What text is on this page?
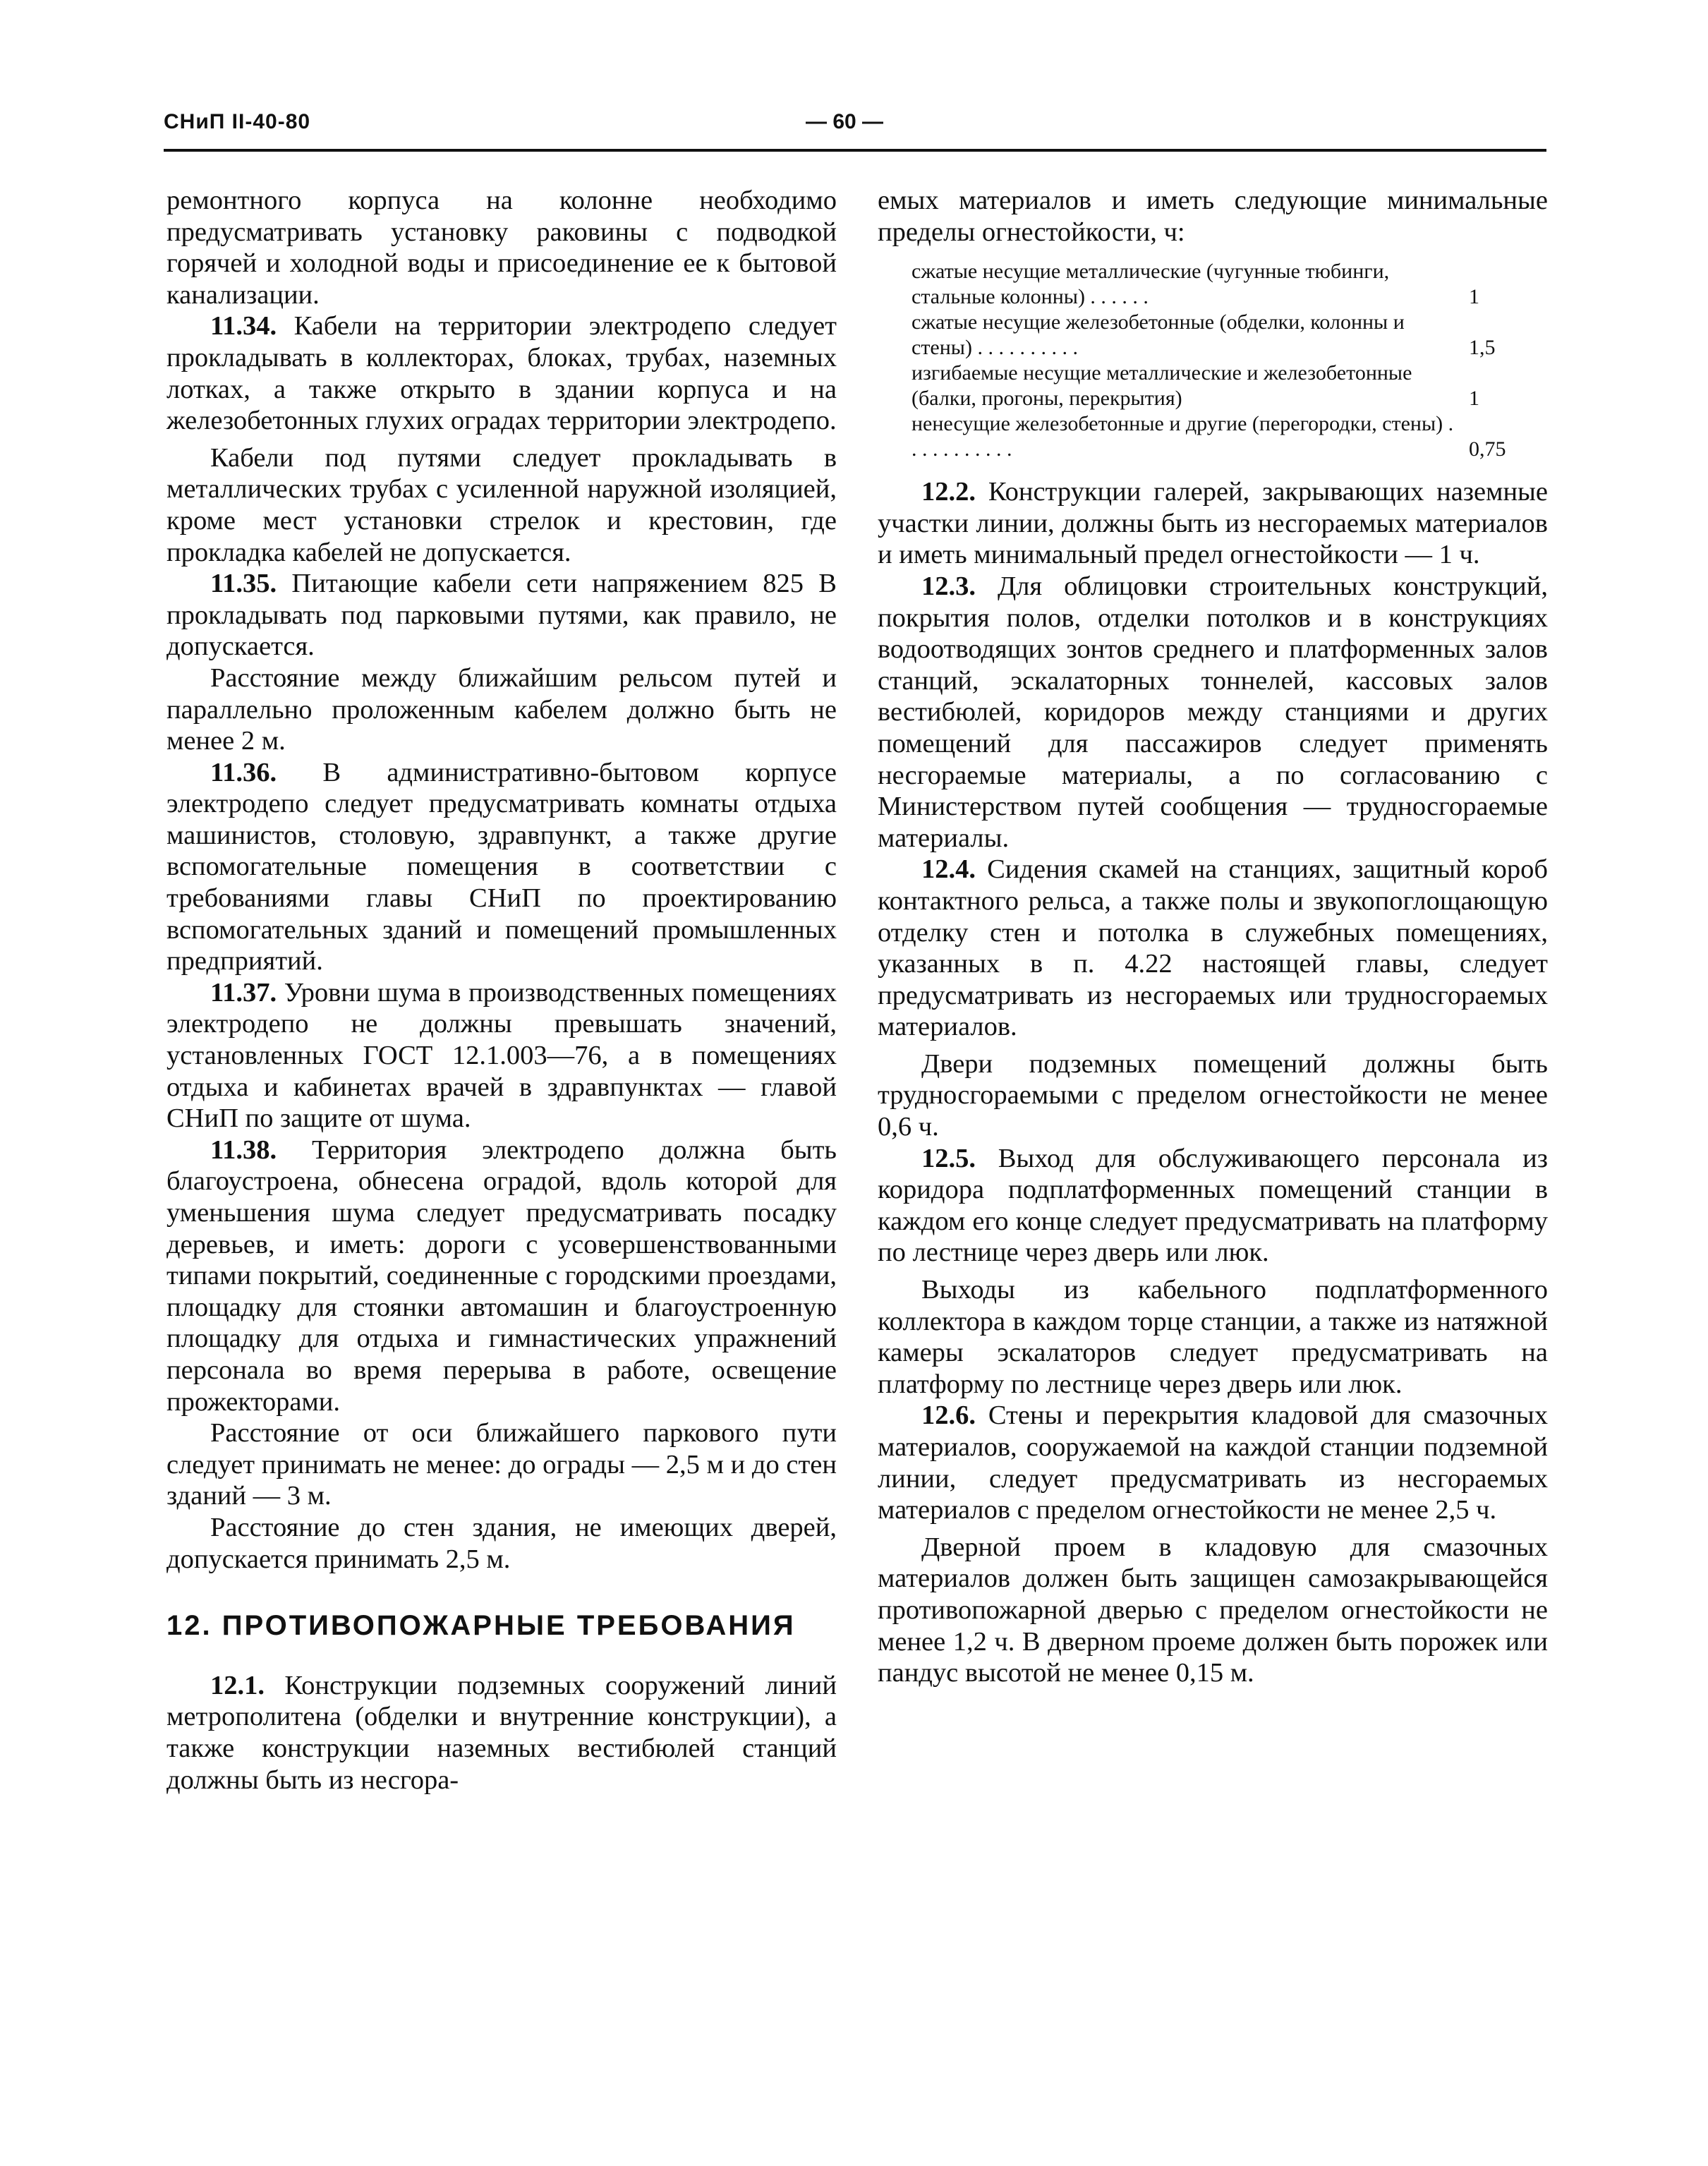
СНиП II-40-80	— 60 —

ремонтного корпуса на колонне необходимо предусматривать установку раковины с подводкой горячей и холодной воды и присоединение ее к бытовой канализации.

11.34. Кабели на территории электродепо следует прокладывать в коллекторах, блоках, трубах, наземных лотках, а также открыто в здании корпуса и на железобетонных глухих оградах территории электродепо.

Кабели под путями следует прокладывать в металлических трубах с усиленной наружной изоляцией, кроме мест установки стрелок и крестовин, где прокладка кабелей не допускается.

11.35. Питающие кабели сети напряжением 825 В прокладывать под парковыми путями, как правило, не допускается.

Расстояние между ближайшим рельсом путей и параллельно проложенным кабелем должно быть не менее 2 м.

11.36. В административно-бытовом корпусе электродепо следует предусматривать комнаты отдыха машинистов, столовую, здравпункт, а также другие вспомогательные помещения в соответствии с требованиями главы СНиП по проектированию вспомогательных зданий и помещений промышленных предприятий.

11.37. Уровни шума в производственных помещениях электродепо не должны превышать значений, установленных ГОСТ 12.1.003—76, а в помещениях отдыха и кабинетах врачей в здравпунктах — главой СНиП по защите от шума.

11.38. Территория электродепо должна быть благоустроена, обнесена оградой, вдоль которой для уменьшения шума следует предусматривать посадку деревьев, и иметь: дороги с усовершенствованными типами покрытий, соединенные с городскими проездами, площадку для стоянки автомашин и благоустроенную площадку для отдыха и гимнастических упражнений персонала во время перерыва в работе, освещение прожекторами.

Расстояние от оси ближайшего паркового пути следует принимать не менее: до ограды — 2,5 м и до стен зданий — 3 м.

Расстояние до стен здания, не имеющих дверей, допускается принимать 2,5 м.

12. ПРОТИВОПОЖАРНЫЕ ТРЕБОВАНИЯ

12.1. Конструкции подземных сооружений линий метрополитена (обделки и внутренние конструкции), а также конструкции наземных вестибюлей станций должны быть из несгора-

емых материалов и иметь следующие минимальные пределы огнестойкости, ч:

сжатые несущие металлические (чугунные тюбинги, стальные колонны) . . . . . .	1
сжатые несущие железобетонные (обделки, колонны и стены) . . . . . . . . . .	1,5
изгибаемые несущие металлические и железобетонные (балки, прогоны, перекрытия)	1
ненесущие железобетонные и другие (перегородки, стены) . . . . . . . . . . .	0,75

12.2. Конструкции галерей, закрывающих наземные участки линии, должны быть из несгораемых материалов и иметь минимальный предел огнестойкости — 1 ч.

12.3. Для облицовки строительных конструкций, покрытия полов, отделки потолков и в конструкциях водоотводящих зонтов среднего и платформенных залов станций, эскалаторных тоннелей, кассовых залов вестибюлей, коридоров между станциями и других помещений для пассажиров следует применять несгораемые материалы, а по согласованию с Министерством путей сообщения — трудносгораемые материалы.

12.4. Сидения скамей на станциях, защитный короб контактного рельса, а также полы и звукопоглощающую отделку стен и потолка в служебных помещениях, указанных в п. 4.22 настоящей главы, следует предусматривать из несгораемых или трудносгораемых материалов.

Двери подземных помещений должны быть трудносгораемыми с пределом огнестойкости не менее 0,6 ч.

12.5. Выход для обслуживающего персонала из коридора подплатформенных помещений станции в каждом его конце следует предусматривать на платформу по лестнице через дверь или люк.

Выходы из кабельного подплатформенного коллектора в каждом торце станции, а также из натяжной камеры эскалаторов следует предусматривать на платформу по лестнице через дверь или люк.

12.6. Стены и перекрытия кладовой для смазочных материалов, сооружаемой на каждой станции подземной линии, следует предусматривать из несгораемых материалов с пределом огнестойкости не менее 2,5 ч.

Дверной проем в кладовую для смазочных материалов должен быть защищен самозакрывающейся противопожарной дверью с пределом огнестойкости не менее 1,2 ч. В дверном проеме должен быть порожек или пандус высотой не менее 0,15 м.
